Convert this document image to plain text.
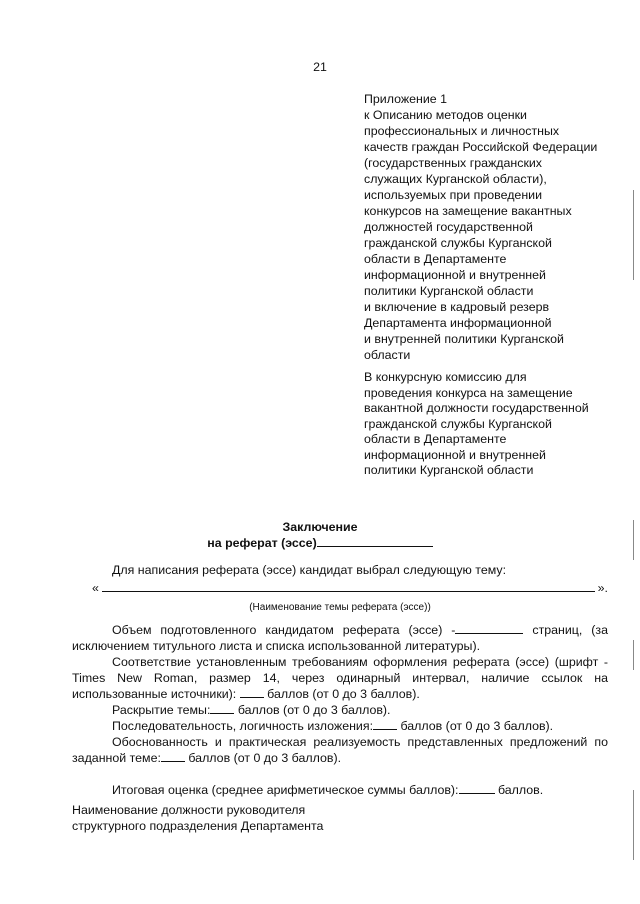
21
Приложение 1
к Описанию методов оценки
профессиональных и личностных
качеств граждан Российской Федерации
(государственных гражданских
служащих Курганской области),
используемых при проведении
конкурсов на замещение вакантных
должностей государственной
гражданской службы Курганской
области в Департаменте
информационной и внутренней
политики Курганской области
и включение в кадровый резерв
Департамента информационной
и внутренней политики Курганской
области
В конкурсную комиссию для
проведения конкурса на замещение
вакантной должности государственной
гражданской службы Курганской
области в Департаменте
информационной и внутренней
политики Курганской области
Заключение
на реферат (эссе)

Для написания реферата (эссе) кандидат выбрал следующую тему:

«	».

(Наименование темы реферата (эссе))

Объем подготовленного кандидатом реферата (эссе) -	страниц, (за исключением титульного листа и списка использованной литературы).

Соответствие установленным требованиям оформления реферата (эссе) (шрифт - Times New Roman, размер 14, через одинарный интервал, наличие ссылок на использованные источники): баллов (от 0 до 3 баллов).

Раскрытие темы: баллов (от 0 до 3 баллов).

Последовательность, логичность изложения: баллов (от 0 до 3 баллов).

Обоснованность и практическая реализуемость представленных предложений по заданной теме: баллов (от 0 до 3 баллов).

Итоговая оценка (среднее арифметическое суммы баллов):	баллов.

Наименование должности руководителя
структурного подразделения Департамента
